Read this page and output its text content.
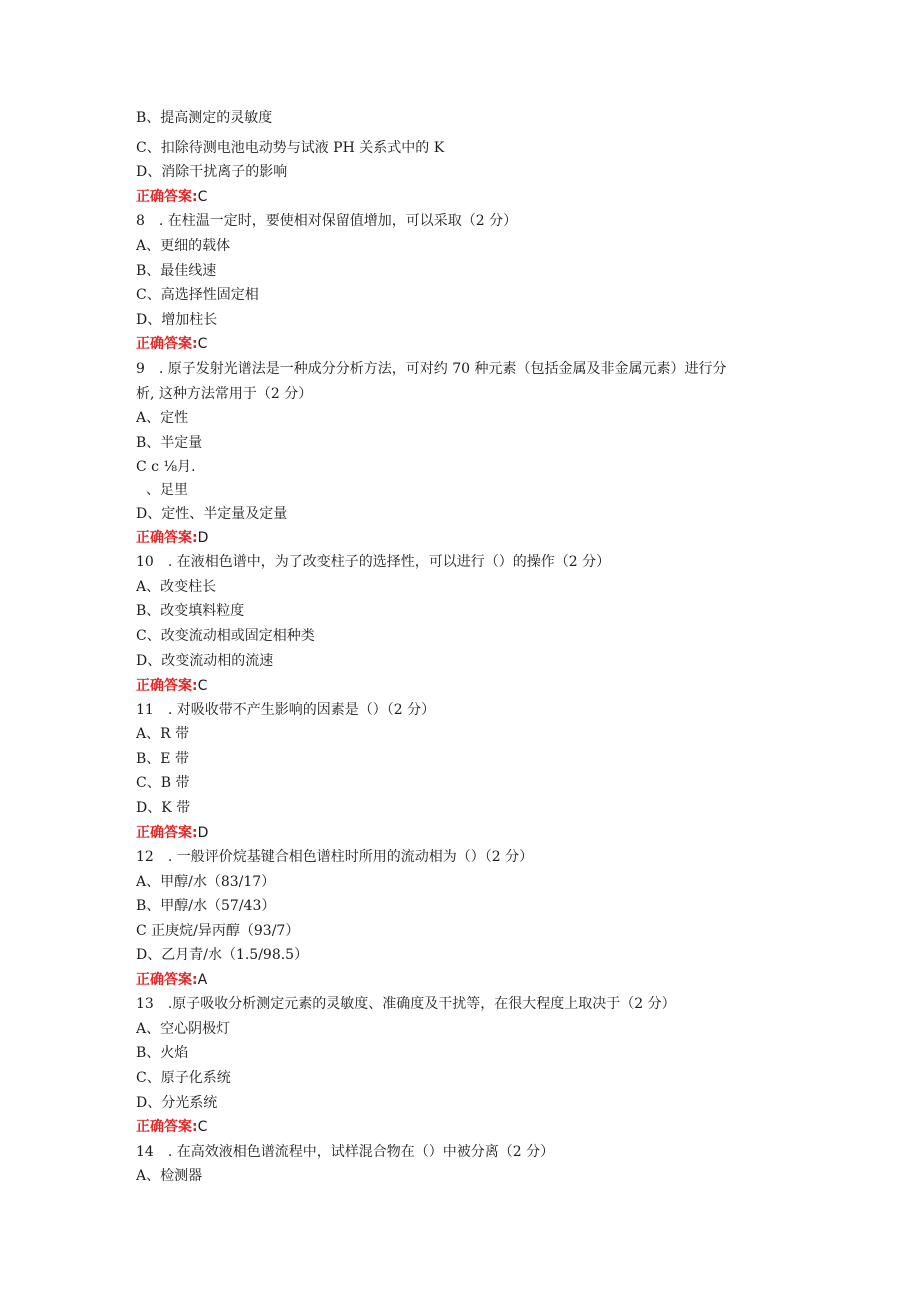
B、提高测定的灵敏度
C、扣除待测电池电动势与试液 PH 关系式中的 K
D、消除干扰离子的影响
正确答案:C
8　. 在柱温一定时，要使相对保留值增加，可以采取（2 分）
A、更细的载体
B、最佳线速
C、高选择性固定相
D、增加柱长
正确答案:C
9　. 原子发射光谱法是一种成分分析方法，可对约 70 种元素（包括金属及非金属元素）进行分
析, 这种方法常用于（2 分）
A、定性
B、半定量
C c ⅛月.
、足里
D、定性、半定量及定量
正确答案:D
10　. 在液相色谱中，为了改变柱子的选择性，可以进行（）的操作（2 分）
A、改变柱长
B、改变填料粒度
C、改变流动相或固定相种类
D、改变流动相的流速
正确答案:C
11　. 对吸收带不产生影响的因素是（）（2 分）
A、R 带
B、E 带
C、B 带
D、K 带
正确答案:D
12　. 一般评价烷基键合相色谱柱时所用的流动相为（）（2 分）
A、甲醇/水（83/17）
B、甲醇/水（57/43）
C 正庚烷/异丙醇（93/7）
D、乙月青/水（1.5/98.5）
正确答案:A
13　.原子吸收分析测定元素的灵敏度、准确度及干扰等，在很大程度上取决于（2 分）
A、空心阴极灯
B、火焰
C、原子化系统
D、分光系统
正确答案:C
14　. 在高效液相色谱流程中，试样混合物在（）中被分离（2 分）
A、检测器
